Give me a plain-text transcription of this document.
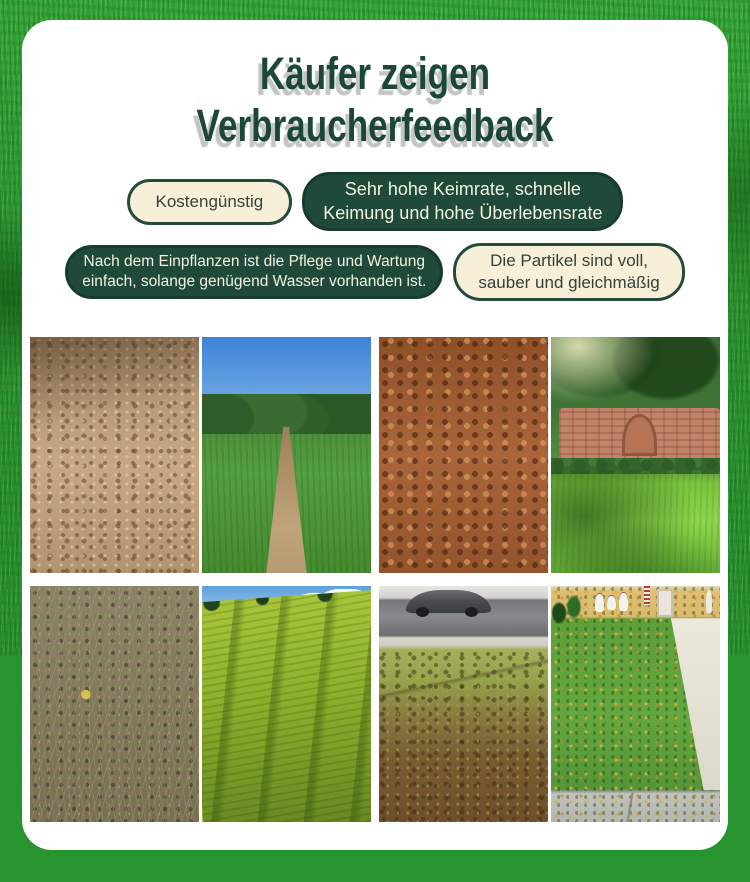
Käufer zeigen
Verbraucherfeedback
Kostengünstig
Sehr hohe Keimrate, schnelle
Keimung und hohe Überlebensrate
Nach dem Einpflanzen ist die Pflege und Wartung
einfach, solange genügend Wasser vorhanden ist.
Die Partikel sind voll,
sauber und gleichmäßig
